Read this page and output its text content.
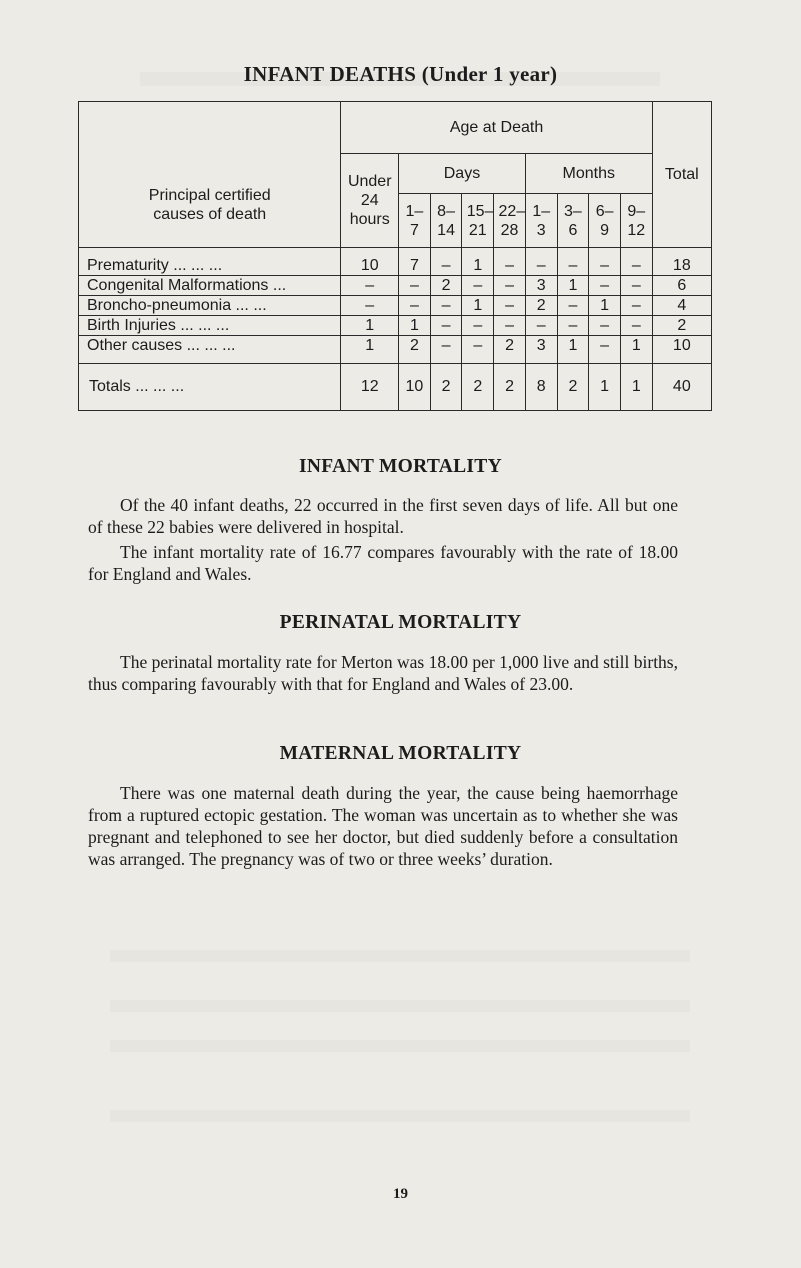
INFANT DEATHS (Under 1 year)
Principal certified causes of death	Age at Death									Total
	Under 24 hours	Days				Months				
		1– 7	8– 14	15– 21	22– 28	1– 3	3– 6	6– 9	9– 12	
Prematurity ... ... ...	10	7	–	1	–	–	–	–	–	18
Congenital Malformations ...	–	–	2	–	–	3	1	–	–	6
Broncho-pneumonia ... ...	–	–	–	1	–	2	–	1	–	4
Birth Injuries ... ... ...	1	1	–	–	–	–	–	–	–	2
Other causes ... ... ...	1	2	–	–	2	3	1	–	1	10
Totals ... ... ...	12	10	2	2	2	8	2	1	1	40
INFANT MORTALITY
Of the 40 infant deaths, 22 occurred in the first seven days of life. All but one of these 22 babies were delivered in hospital.
The infant mortality rate of 16.77 compares favourably with the rate of 18.00 for England and Wales.
PERINATAL MORTALITY
The perinatal mortality rate for Merton was 18.00 per 1,000 live and still births, thus comparing favourably with that for England and Wales of 23.00.
MATERNAL MORTALITY
There was one maternal death during the year, the cause being haemorrhage from a ruptured ectopic gestation. The woman was uncertain as to whether she was pregnant and telephoned to see her doctor, but died suddenly before a consultation was arranged. The pregnancy was of two or three weeks’ duration.
19
